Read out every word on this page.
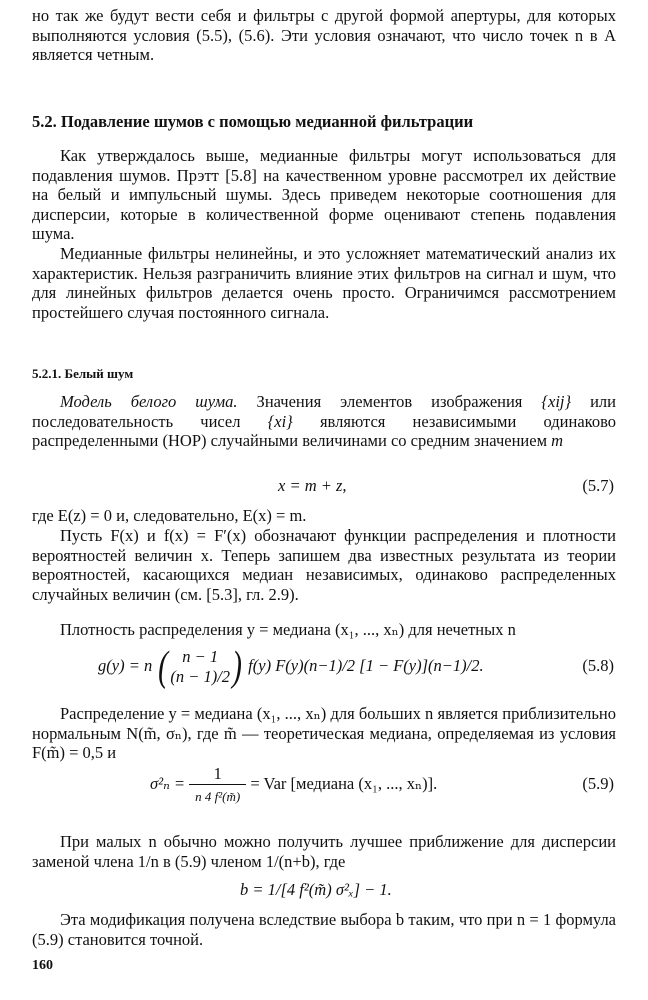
но так же будут вести себя и фильтры с другой формой апертуры, для которых выполняются условия (5.5), (5.6). Эти условия означают, что число точек n в A является четным.

5.2. Подавление шумов с помощью медианной фильтрации

Как утверждалось выше, медианные фильтры могут использоваться для подавления шумов. Прэтт [5.8] на качественном уровне рассмотрел их действие на белый и импульсный шумы. Здесь приведем некоторые соотношения для дисперсии, которые в количественной форме оценивают степень подавления шума.

Медианные фильтры нелинейны, и это усложняет математический анализ их характеристик. Нельзя разграничить влияние этих фильтров на сигнал и шум, что для линейных фильтров делается очень просто. Ограничимся рассмотрением простейшего случая постоянного сигнала.

5.2.1. Белый шум

Модель белого шума. Значения элементов изображения {xij} или последовательность чисел {xi} являются независимыми одинаково распределенными (НОР) случайными величинами со средним значением m

x = m + z,	(5.7)

где E(z) = 0 и, следовательно, E(x) = m.

Пусть F(x) и f(x) = F′(x) обозначают функции распределения и плотности вероятностей величин x. Теперь запишем два известных результата из теории вероятностей, касающихся медиан независимых, одинаково распределенных случайных величин (см. [5.3], гл. 2.9).

Плотность распределения y = медиана (x₁, ..., xₙ) для нечетных n

g(y) = n ( n − 1
(n − 1)/2 ) f(y) F(y)(n−1)/2 [1 − F(y)](n−1)/2.	(5.8)

Распределение y = медиана (x₁, ..., xₙ) для больших n является приблизительно нормальным N(m̃, σₙ), где m̃ — теоретическая медиана, определяемая из условия F(m̃) = 0,5 и

$\sigma^2_n = \frac{1}{\text{n 4 f²(m̃)}}$ = Var [медиана (x₁, ..., xₙ)].	(5.9)

При малых n обычно можно получить лучшее приближение для дисперсии заменой члена 1/n в (5.9) членом 1/(n+b), где

b = 1/[4 f²(m̃) σ²ₓ] − 1.

Эта модификация получена вследствие выбора b таким, что при n = 1 формула (5.9) становится точной.

160
